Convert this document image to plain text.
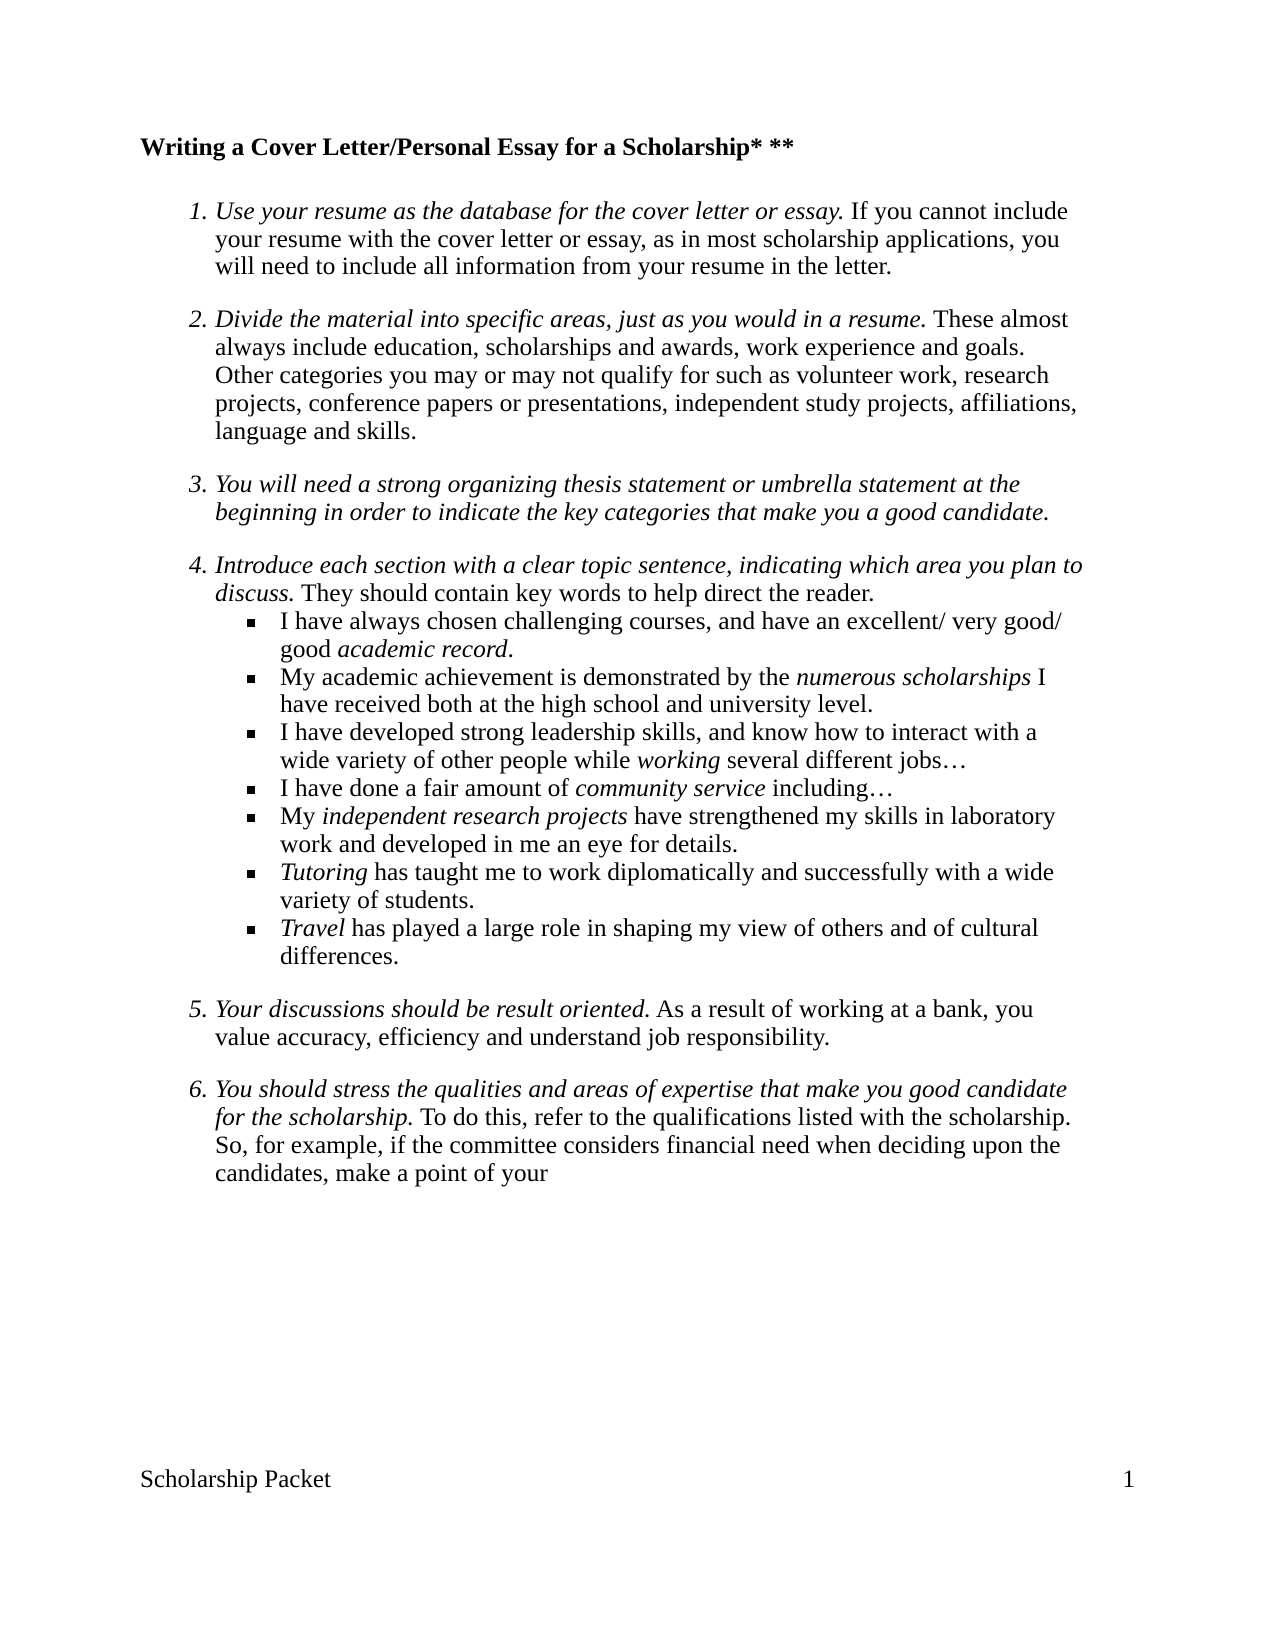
Writing a Cover Letter/Personal Essay for a Scholarship* **
1. Use your resume as the database for the cover letter or essay. If you cannot include your resume with the cover letter or essay, as in most scholarship applications, you will need to include all information from your resume in the letter.
2. Divide the material into specific areas, just as you would in a resume. These almost always include education, scholarships and awards, work experience and goals. Other categories you may or may not qualify for such as volunteer work, research projects, conference papers or presentations, independent study projects, affiliations, language and skills.
3. You will need a strong organizing thesis statement or umbrella statement at the beginning in order to indicate the key categories that make you a good candidate.
4. Introduce each section with a clear topic sentence, indicating which area you plan to discuss. They should contain key words to help direct the reader.
I have always chosen challenging courses, and have an excellent/ very good/ good academic record.
My academic achievement is demonstrated by the numerous scholarships I have received both at the high school and university level.
I have developed strong leadership skills, and know how to interact with a wide variety of other people while working several different jobs…
I have done a fair amount of community service including…
My independent research projects have strengthened my skills in laboratory work and developed in me an eye for details.
Tutoring has taught me to work diplomatically and successfully with a wide variety of students.
Travel has played a large role in shaping my view of others and of cultural differences.
5. Your discussions should be result oriented. As a result of working at a bank, you value accuracy, efficiency and understand job responsibility.
6. You should stress the qualities and areas of expertise that make you good candidate for the scholarship. To do this, refer to the qualifications listed with the scholarship. So, for example, if the committee considers financial need when deciding upon the candidates, make a point of your
Scholarship Packet	1
